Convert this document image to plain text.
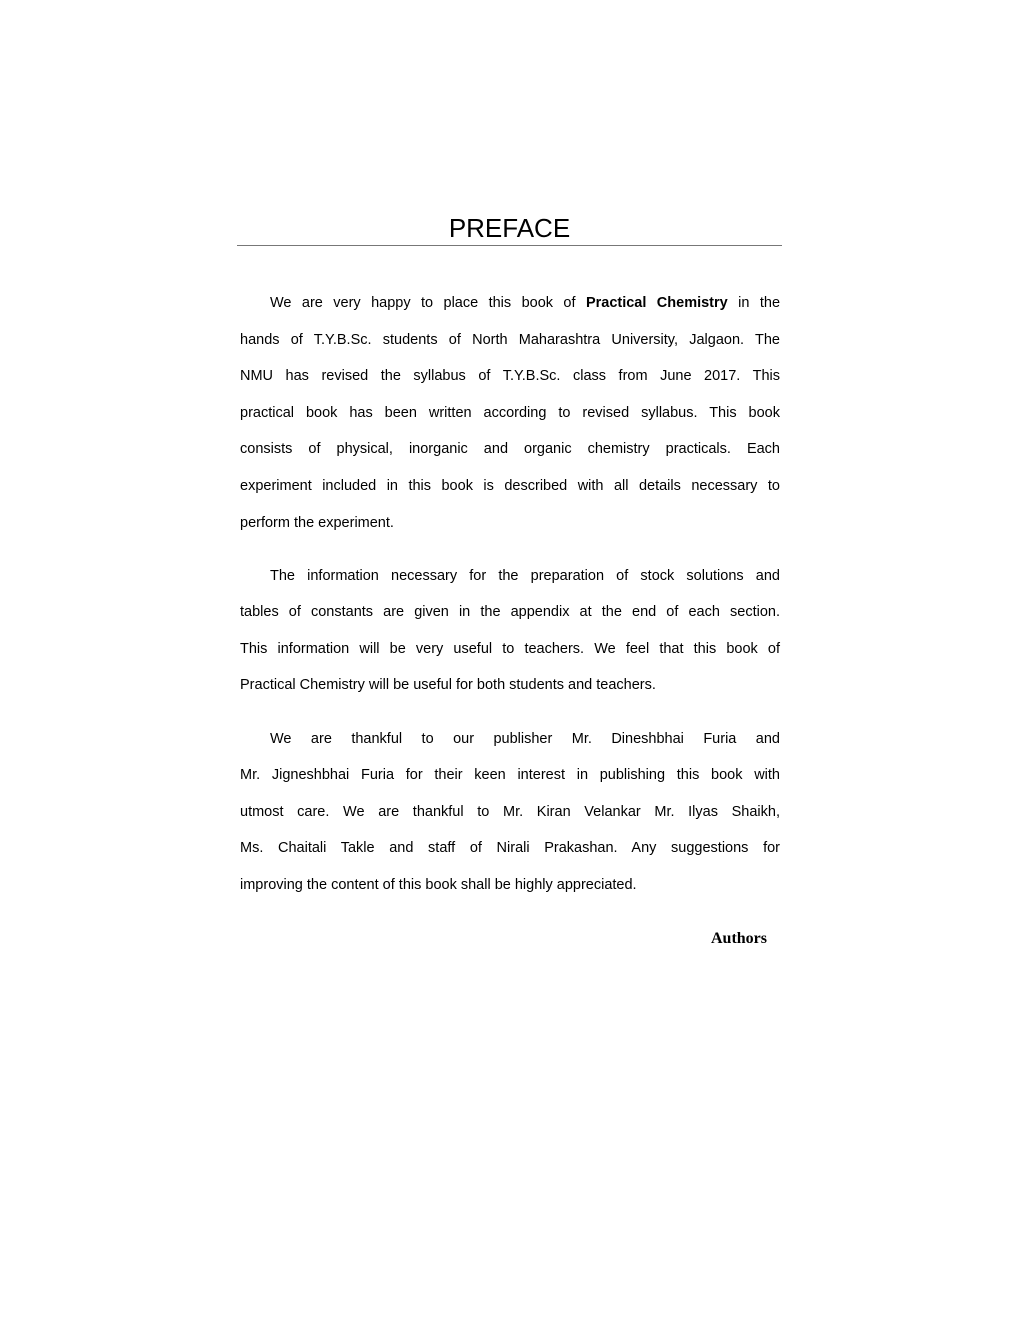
PREFACE
We are very happy to place this book of Practical Chemistry in the
hands of T.Y.B.Sc. students of North Maharashtra University, Jalgaon. The
NMU has revised the syllabus of T.Y.B.Sc. class from June 2017. This
practical book has been written according to revised syllabus. This book
consists of physical, inorganic and organic chemistry practicals. Each
experiment included in this book is described with all details necessary to
perform the experiment.
The information necessary for the preparation of stock solutions and
tables of constants are given in the appendix at the end of each section.
This information will be very useful to teachers. We feel that this book of
Practical Chemistry will be useful for both students and teachers.
We are thankful to our publisher Mr. Dineshbhai Furia and
Mr. Jigneshbhai Furia for their keen interest in publishing this book with
utmost care. We are thankful to Mr. Kiran Velankar Mr. Ilyas Shaikh,
Ms. Chaitali Takle and staff of Nirali Prakashan. Any suggestions for
improving the content of this book shall be highly appreciated.
Authors
